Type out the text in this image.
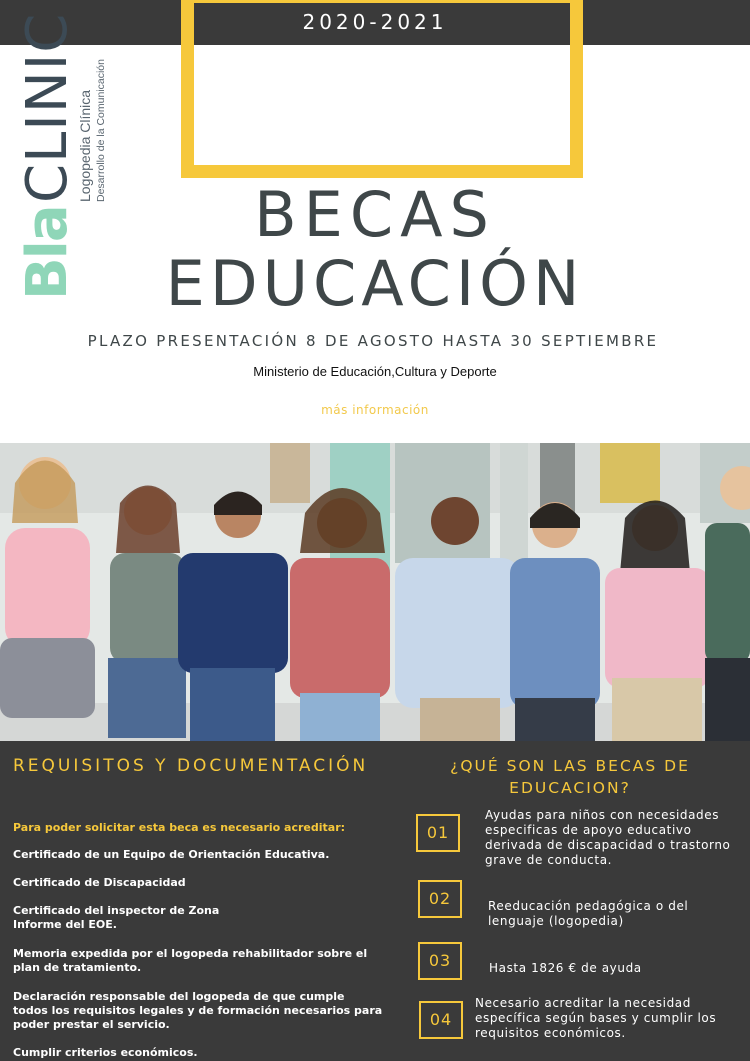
2020-2021
Bla
CLINIC
Logopedia Clínica Desarrollo de la Comunicación
BECAS
EDUCACIÓN
PLAZO PRESENTACIÓN 8 DE AGOSTO HASTA 30 SEPTIEMBRE
Ministerio de Educación,Cultura y Deporte
más información
REQUISITOS Y DOCUMENTACIÓN
Para poder solicitar esta beca es necesario acreditar:
Certificado de un Equipo de Orientación Educativa.
Certificado de Discapacidad
Certificado del inspector de Zona
Informe del EOE.
Memoria expedida por el logopeda rehabilitador sobre el plan de tratamiento.
Declaración responsable del logopeda de que cumple todos los requisitos legales y de formación necesarios para poder prestar el servicio.
Cumplir criterios económicos.
¿QUÉ SON LAS BECAS DE EDUCACION?
01
Ayudas para niños con necesidades especificas de apoyo educativo derivada de discapacidad o trastorno grave de conducta.
02	Reeducación pedagógica o del lenguaje (logopedia)
03	Hasta 1826 € de ayuda
04
Necesario acreditar la necesidad específica según bases y cumplir los requisitos económicos.
